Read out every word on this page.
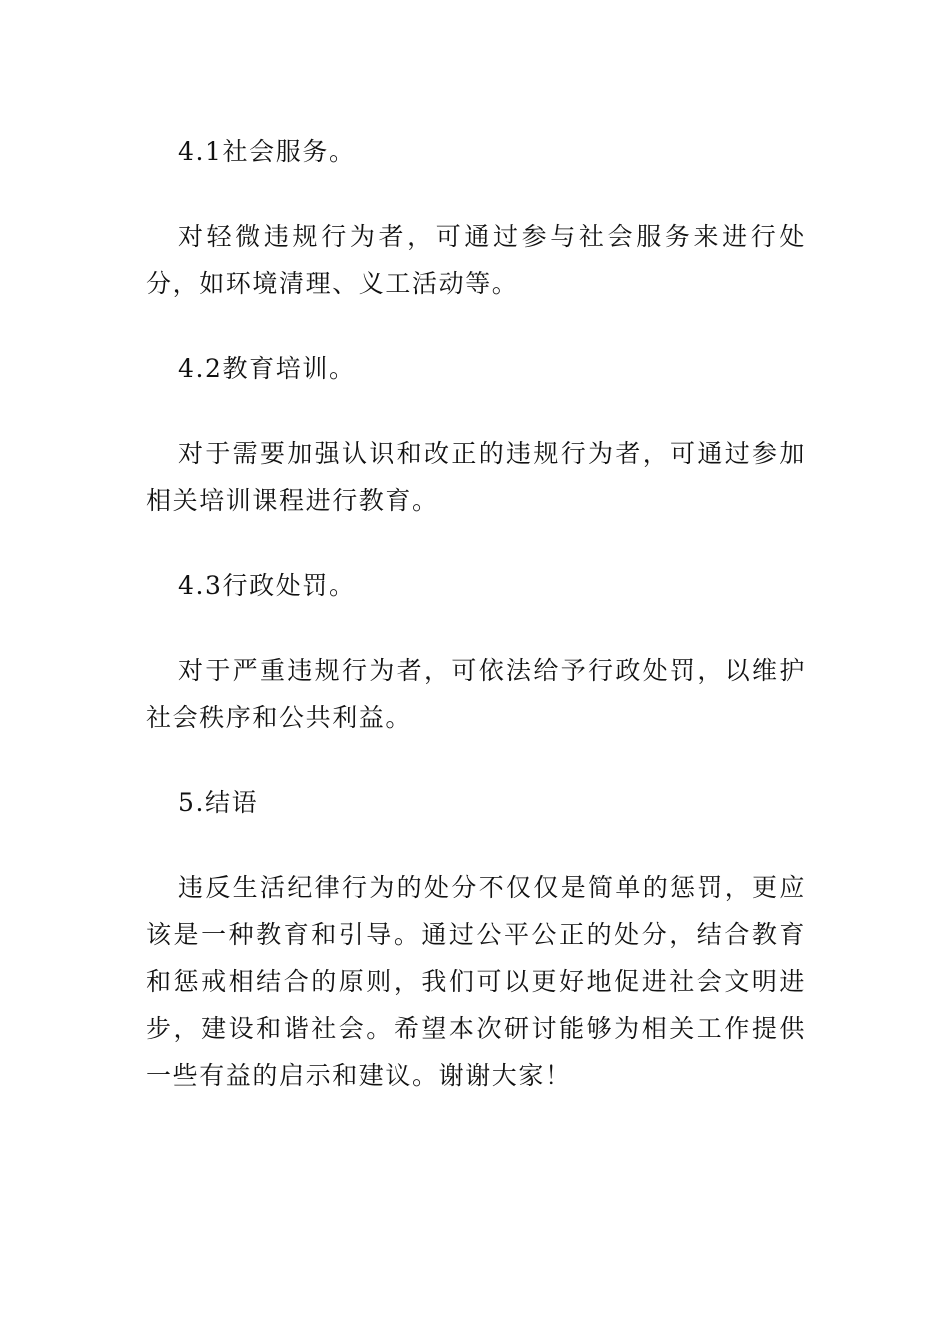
4.1社会服务。

对轻微违规行为者，可通过参与社会服务来进行处分，如环境清理、义工活动等。

4.2教育培训。

对于需要加强认识和改正的违规行为者，可通过参加相关培训课程进行教育。

4.3行政处罚。

对于严重违规行为者，可依法给予行政处罚，以维护社会秩序和公共利益。

5.结语

违反生活纪律行为的处分不仅仅是简单的惩罚，更应该是一种教育和引导。通过公平公正的处分，结合教育和惩戒相结合的原则，我们可以更好地促进社会文明进步，建设和谐社会。希望本次研讨能够为相关工作提供一些有益的启示和建议。谢谢大家！
